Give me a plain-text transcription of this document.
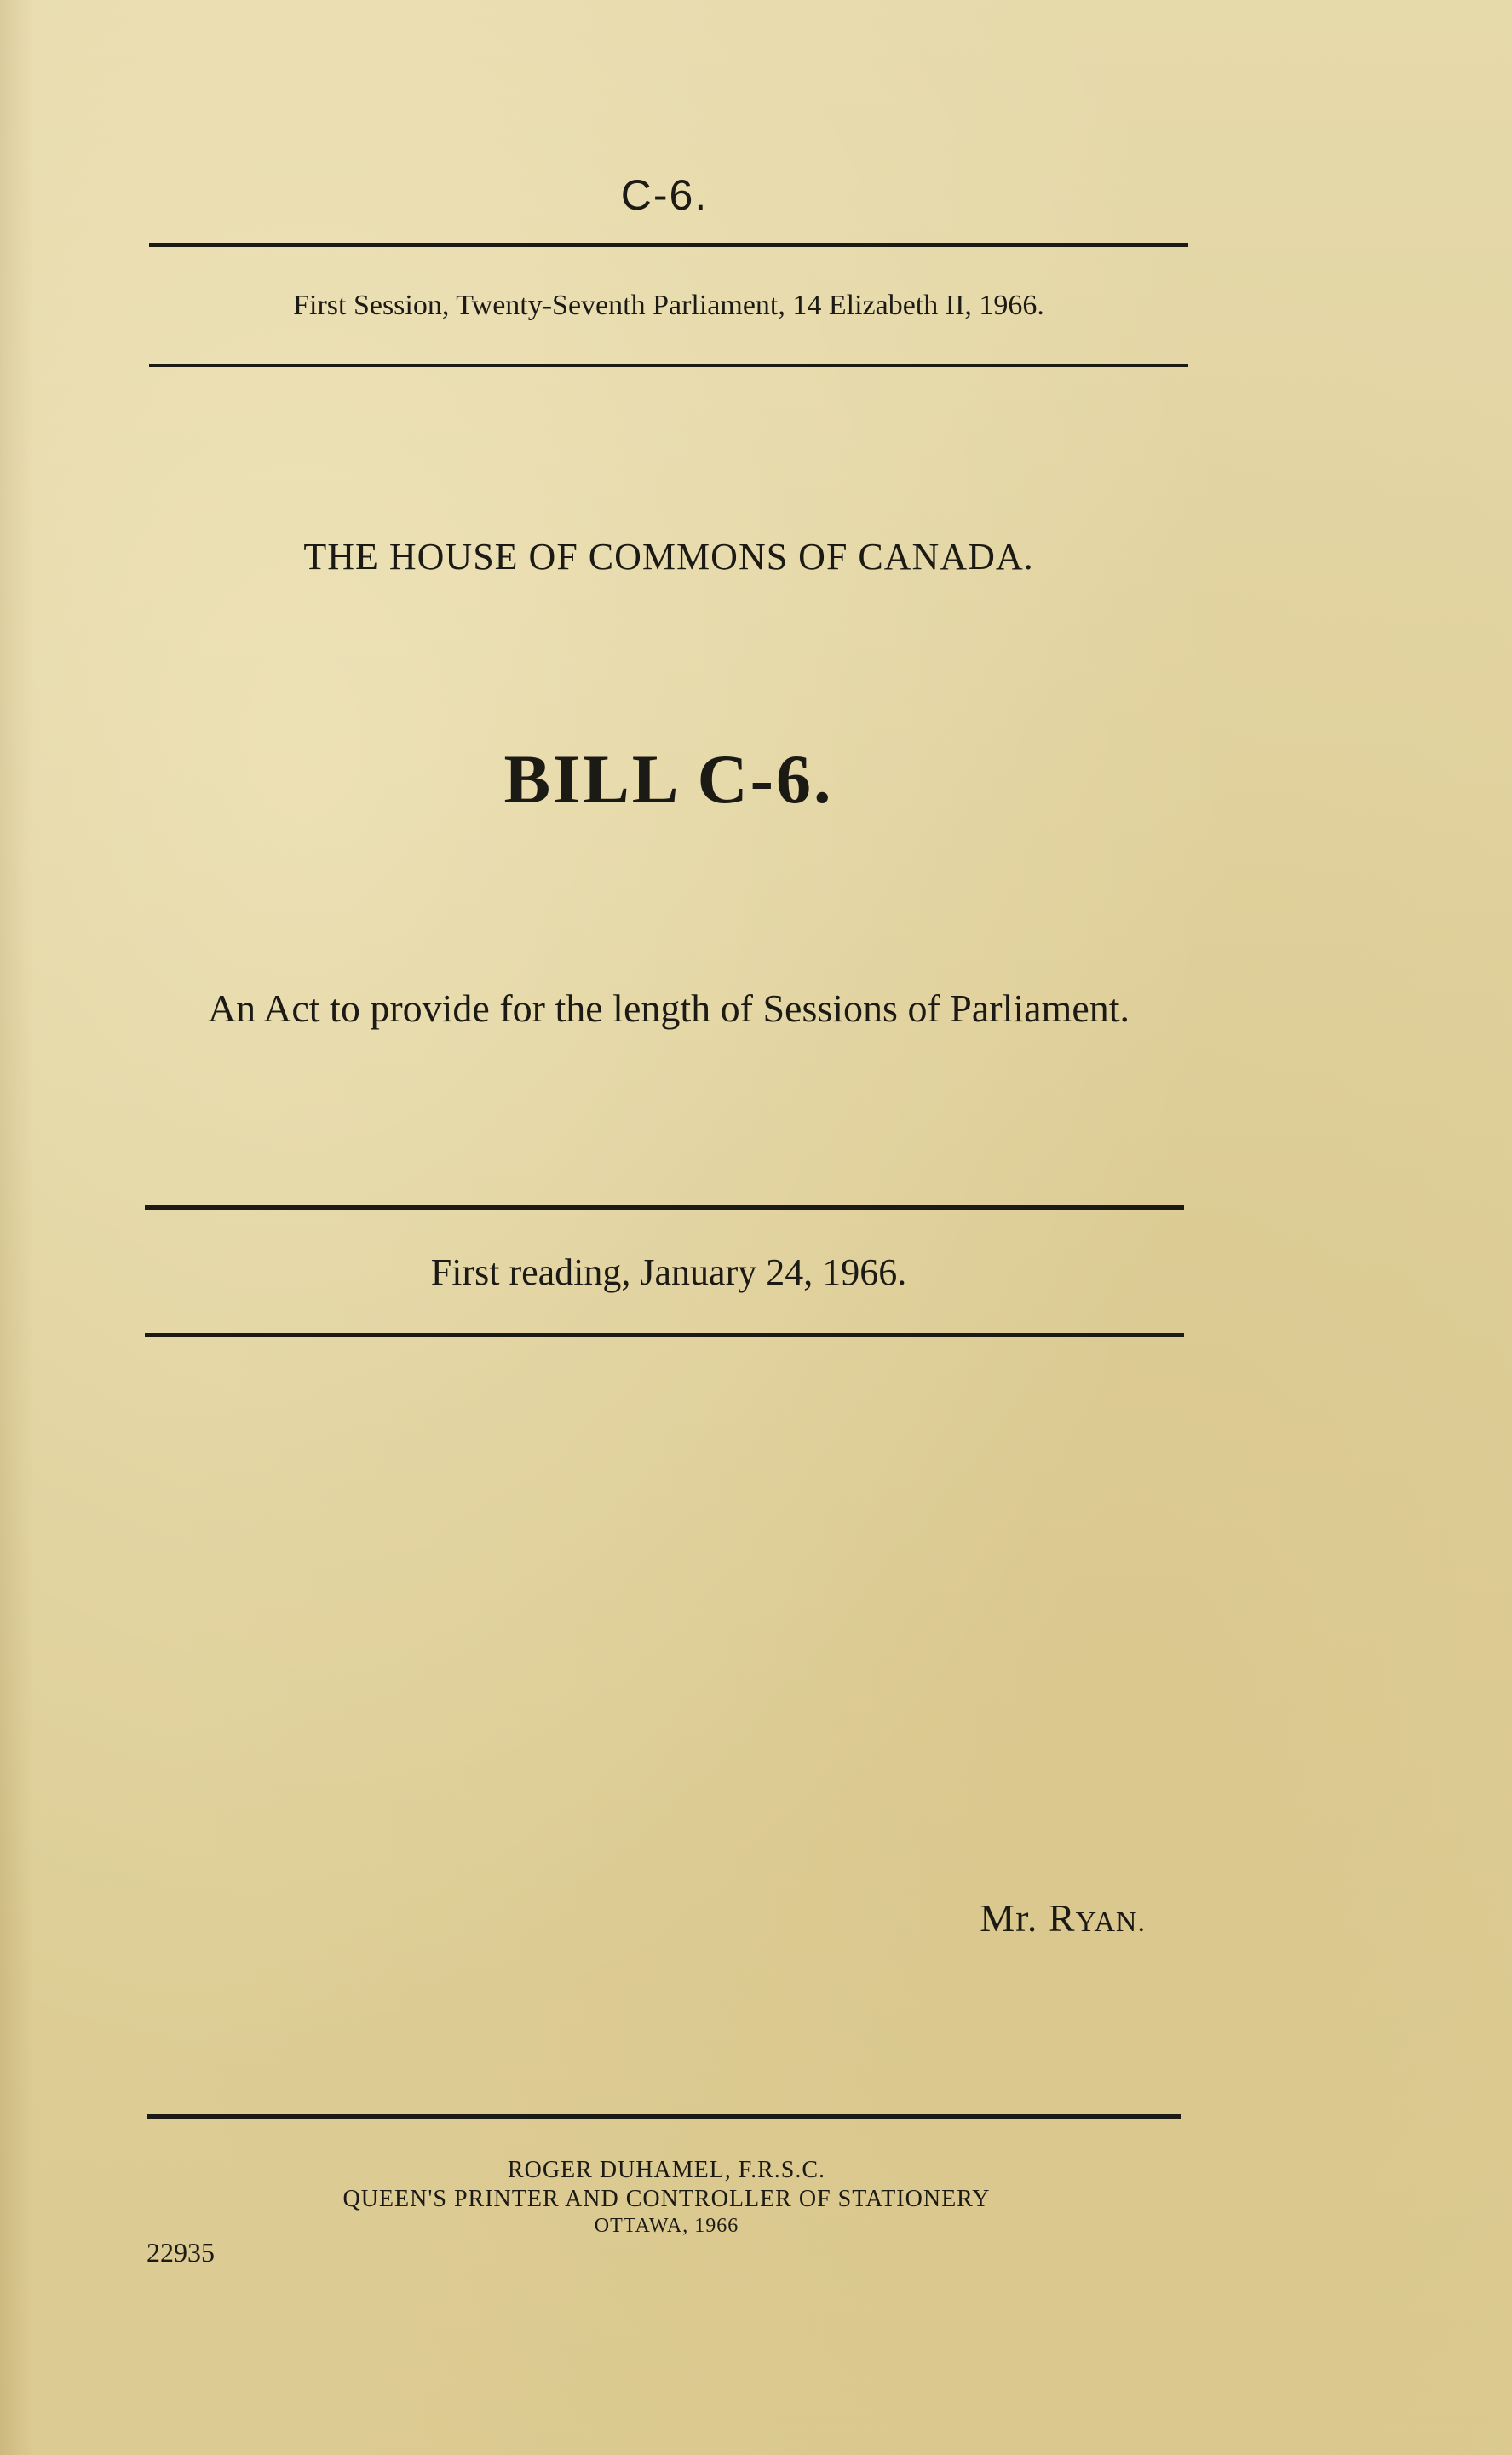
C-6.
First Session, Twenty-Seventh Parliament, 14 Elizabeth II, 1966.
THE HOUSE OF COMMONS OF CANADA.
BILL C-6.
An Act to provide for the length of Sessions of Parliament.
First reading, January 24, 1966.
Mr. RYAN.
ROGER DUHAMEL, F.R.S.C.
QUEEN'S PRINTER AND CONTROLLER OF STATIONERY
OTTAWA, 1966
22935
